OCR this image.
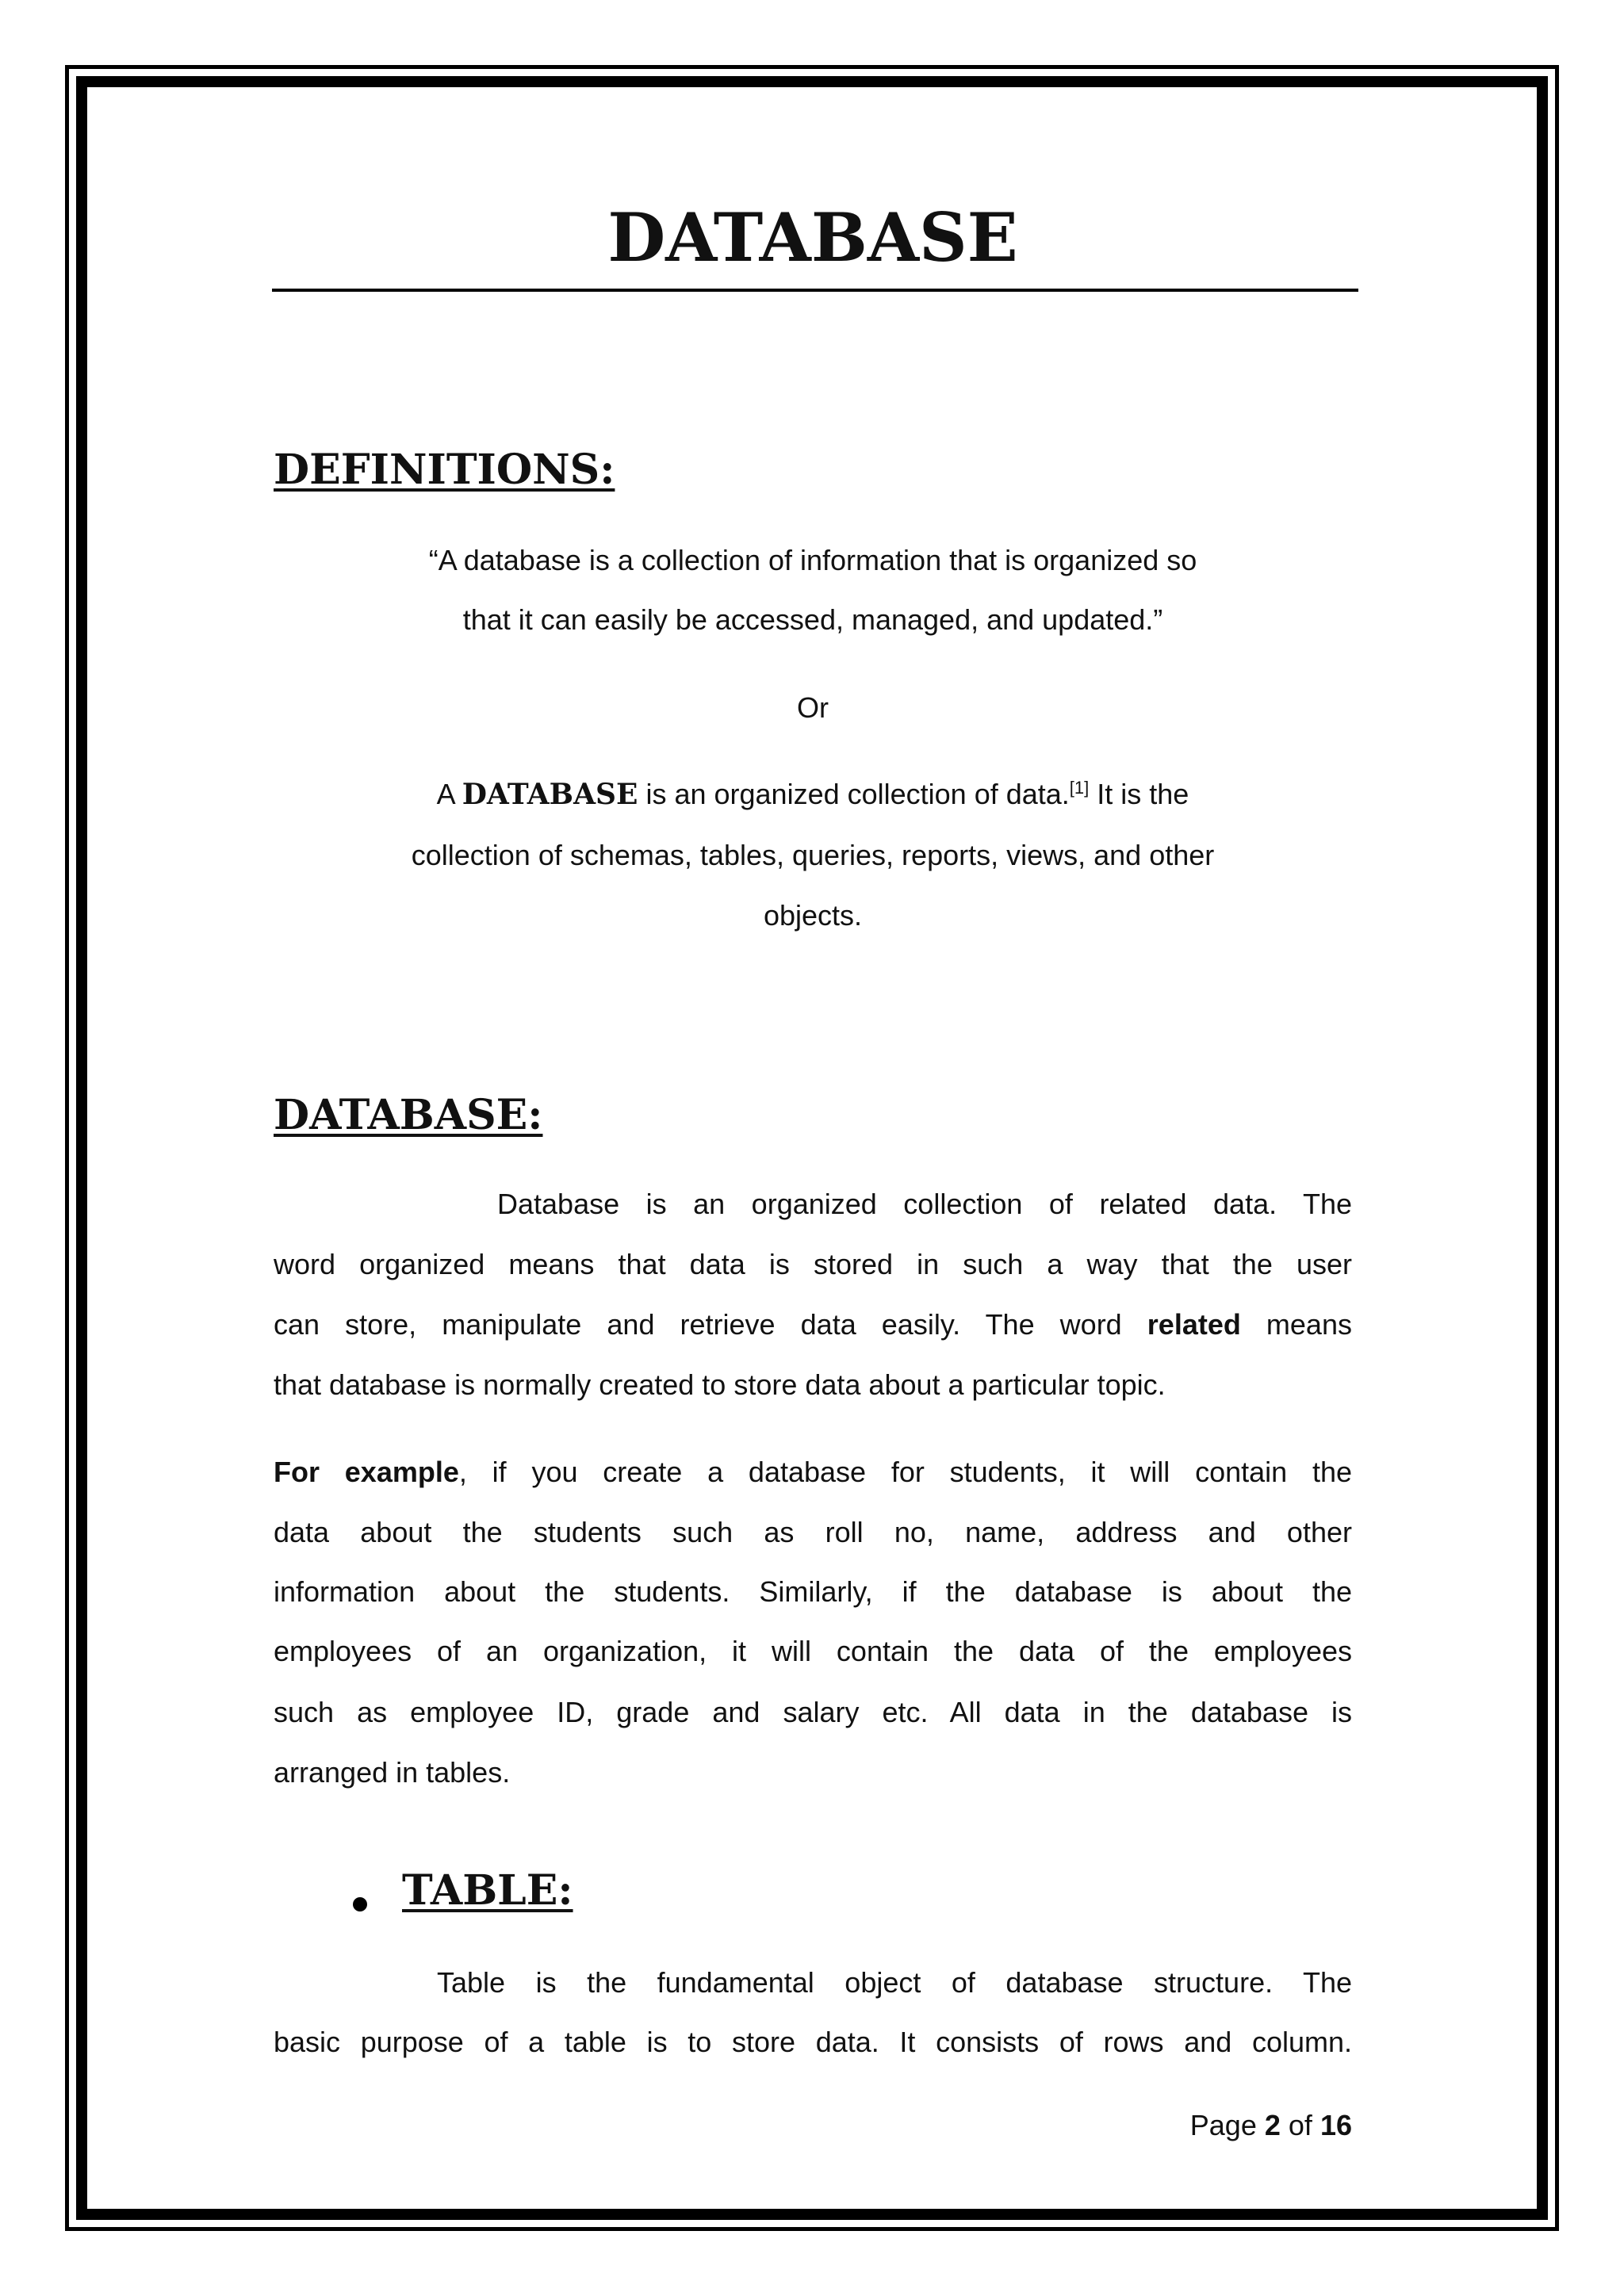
DATABASE
DEFINITIONS:
“A database is a collection of information that is organized so
that it can easily be accessed, managed, and updated.”
Or
A DATABASE is an organized collection of data.[1] It is the
collection of schemas, tables, queries, reports, views, and other
objects.
DATABASE:
Database is an organized collection of related data. The
word organized means that data is stored in such a way that the user
can store, manipulate and retrieve data easily. The word related means
that database is normally created to store data about a particular topic.
For example, if you create a database for students, it will contain the
data about the students such as roll no, name, address and other
information about the students. Similarly, if the database is about the
employees of an organization, it will contain the data of the employees
such as employee ID, grade and salary etc. All data in the database is
arranged in tables.
TABLE:
Table is the fundamental object of database structure. The
basic purpose of a table is to store data. It consists of rows and column.
Page 2 of 16
